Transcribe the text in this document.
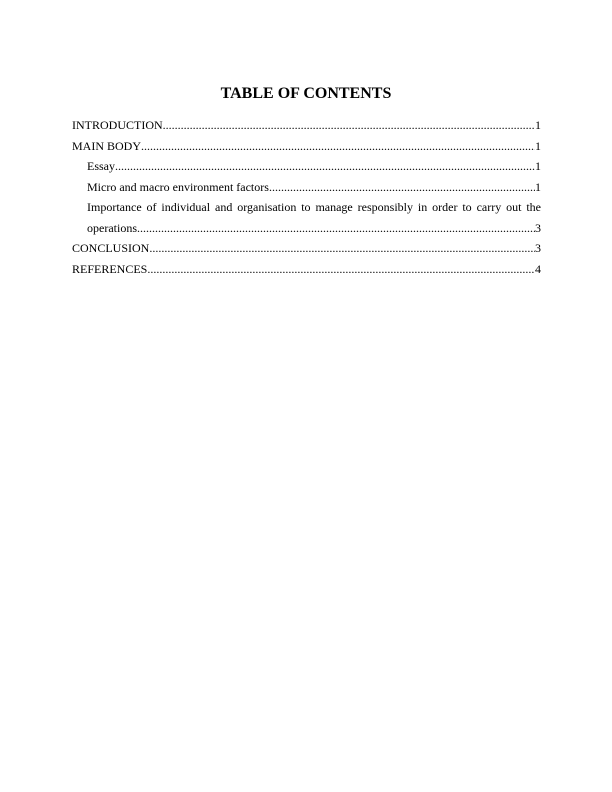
TABLE OF CONTENTS
INTRODUCTION .....	1
MAIN BODY .....	1
Essay .....	1
Micro and macro environment factors .....	1
Importance of individual and organisation to manage responsibly in order to carry out the
operations .....	3
CONCLUSION .....	3
REFERENCES .....	4
